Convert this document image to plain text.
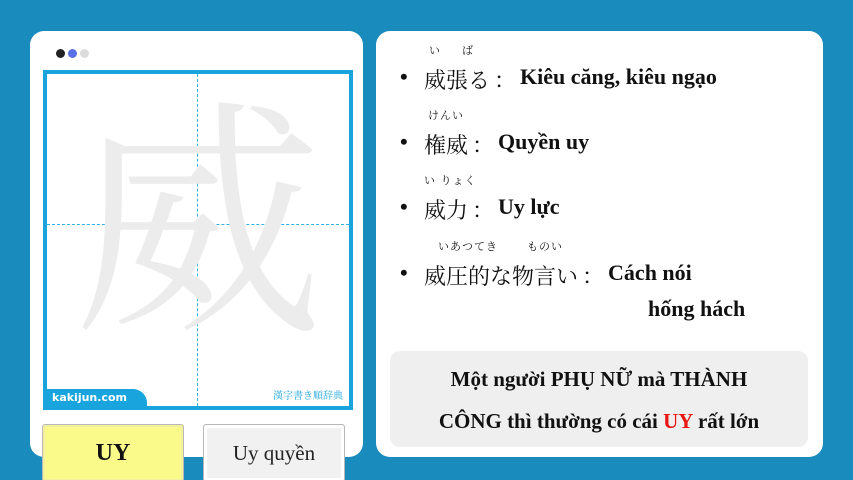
威
kakijun.com	漢字書き順辞典
UY	Uy quyền
•
い
威
ば
張る ： Kiêu căng, kiêu ngạo
•
けんい
権威 ： Quyền uy
•
い りょく
威力 ： Uy lực
•
いあつてき
威圧的な
ものい
物言い ： Cách nói
hống hách
Một người PHỤ NỮ mà THÀNH
CÔNG thì thường có cái UY rất lớn
